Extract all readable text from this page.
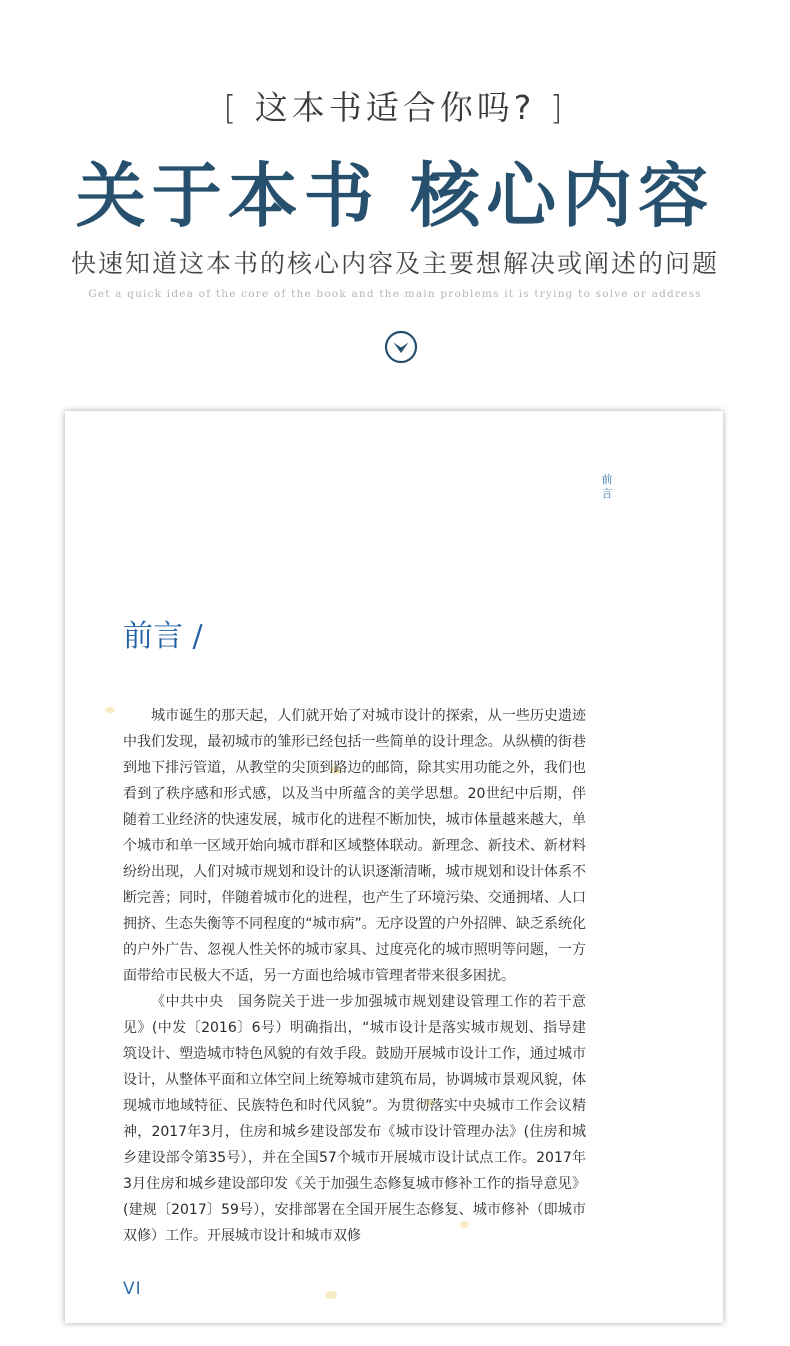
[ 这本书适合你吗? ]
关于本书 核心内容
快速知道这本书的核心内容及主要想解决或阐述的问题
Get a quick idea of the core of the book and the main problems it is trying to solve or address
前言
前言 /

城市诞生的那天起，人们就开始了对城市设计的探索，从一些历史遗迹中我们发现，最初城市的雏形已经包括一些简单的设计理念。从纵横的街巷到地下排污管道，从教堂的尖顶到路边的邮筒，除其实用功能之外，我们也看到了秩序感和形式感，以及当中所蕴含的美学思想。20世纪中后期，伴随着工业经济的快速发展，城市化的进程不断加快，城市体量越来越大，单个城市和单一区域开始向城市群和区域整体联动。新理念、新技术、新材料纷纷出现，人们对城市规划和设计的认识逐渐清晰，城市规划和设计体系不断完善；同时，伴随着城市化的进程，也产生了环境污染、交通拥堵、人口拥挤、生态失衡等不同程度的“城市病”。无序设置的户外招牌、缺乏系统化的户外广告、忽视人性关怀的城市家具、过度亮化的城市照明等问题，一方面带给市民极大不适，另一方面也给城市管理者带来很多困扰。

《中共中央　国务院关于进一步加强城市规划建设管理工作的若干意见》(中发〔2016〕6号）明确指出，“城市设计是落实城市规划、指导建筑设计、塑造城市特色风貌的有效手段。鼓励开展城市设计工作，通过城市设计，从整体平面和立体空间上统筹城市建筑布局，协调城市景观风貌，体现城市地域特征、民族特色和时代风貌”。为贯彻落实中央城市工作会议精神，2017年3月，住房和城乡建设部发布《城市设计管理办法》(住房和城乡建设部令第35号），并在全国57个城市开展城市设计试点工作。2017年3月住房和城乡建设部印发《关于加强生态修复城市修补工作的指导意见》(建规〔2017〕59号），安排部署在全国开展生态修复、城市修补（即城市双修）工作。开展城市设计和城市双修

VI
